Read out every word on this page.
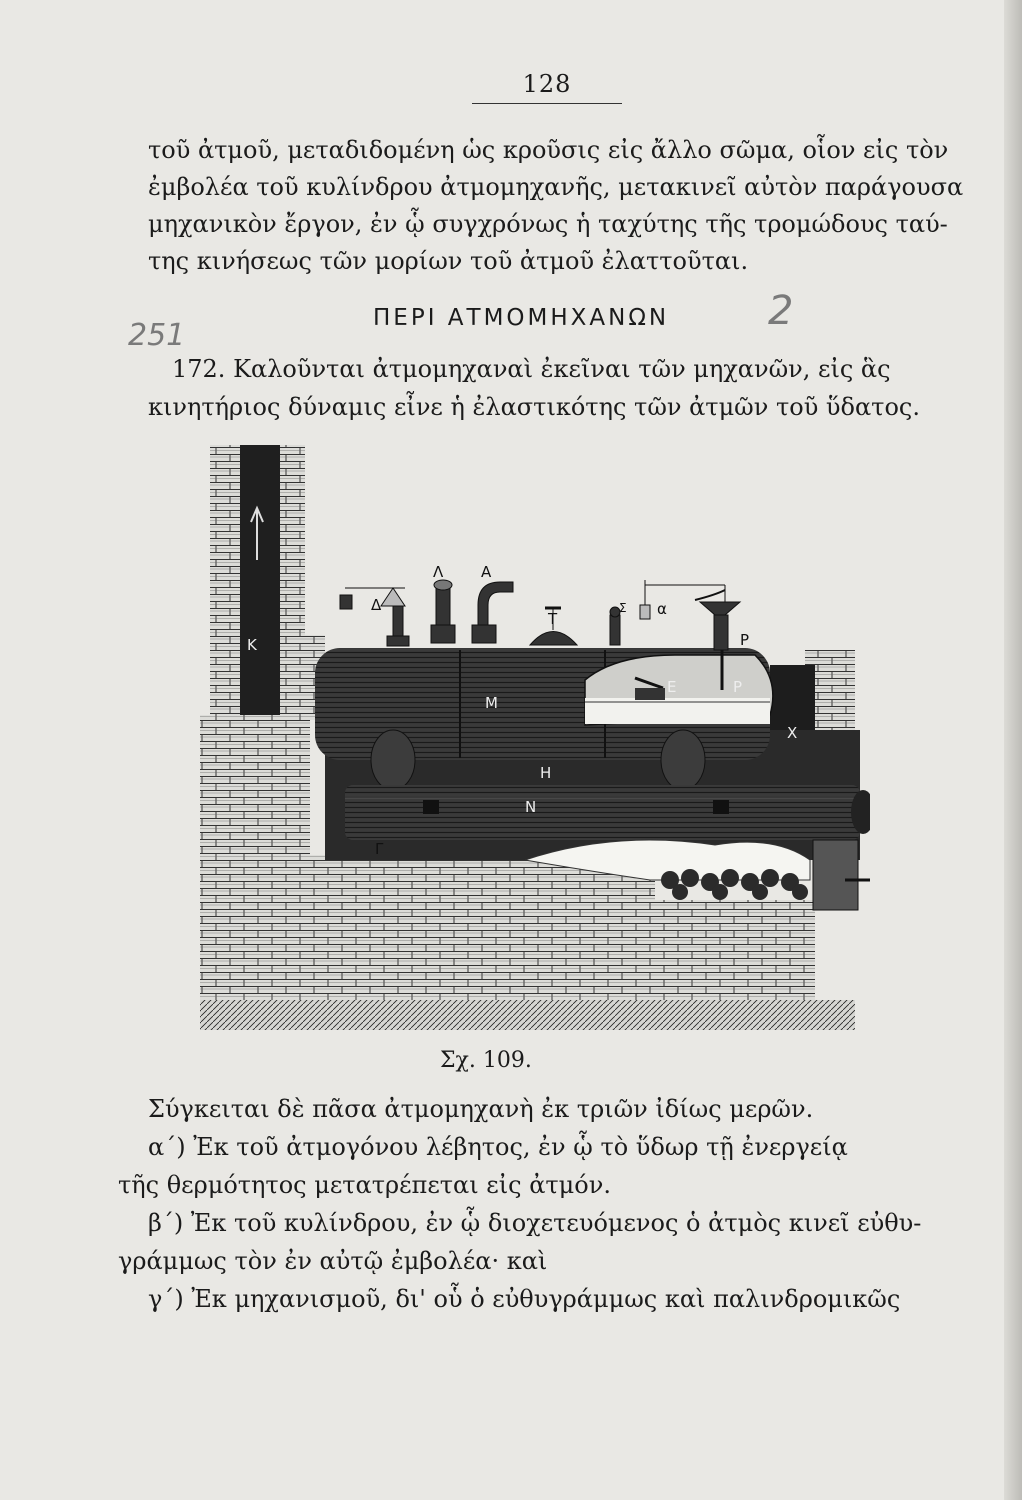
128
τοῦ ἀτμοῦ, μεταδιδομένη ὡς κροῦσις εἰς ἄλλο σῶμα, οἷον εἰς τὸν
ἐμβολέα τοῦ κυλίνδρου ἀτμομηχανῆς, μετακινεῖ αὐτὸν παράγουσα
μηχανικὸν ἔργον, ἐν ᾧ συγχρόνως ἡ ταχύτης τῆς τρομώδους ταύ-
της κινήσεως τῶν μορίων τοῦ ἀτμοῦ ἐλαττοῦται.
ΠΕΡΙ ΑΤΜΟΜΗΧΑΝΩΝ
251
2
172. Καλοῦνται ἀτμομηχαναὶ ἐκεῖναι τῶν μηχανῶν, εἰς ἃς
κινητήριος δύναμις εἶνε ἡ ἐλαστικότης τῶν ἀτμῶν τοῦ ὕδατος.
Λ	Α
Δ
Τ
Σ α
Ρ
Ρ
Κ
Μ
Ε
Χ
Η
Ν
Γ
Σχ. 109.
Σύγκειται δὲ πᾶσα ἀτμομηχανὴ ἐκ τριῶν ἰδίως μερῶν.
α΄) Ἐκ τοῦ ἀτμογόνου λέβητος, ἐν ᾧ τὸ ὕδωρ τῇ ἐνεργείᾳ
τῆς θερμότητος μετατρέπεται εἰς ἀτμόν.
β΄) Ἐκ τοῦ κυλίνδρου, ἐν ᾧ διοχετευόμενος ὁ ἀτμὸς κινεῖ εὐθυ-
γράμμως τὸν ἐν αὐτῷ ἐμβολέα· καὶ
γ΄) Ἐκ μηχανισμοῦ, δι' οὗ ὁ εὐθυγράμμως καὶ παλινδρομικῶς
